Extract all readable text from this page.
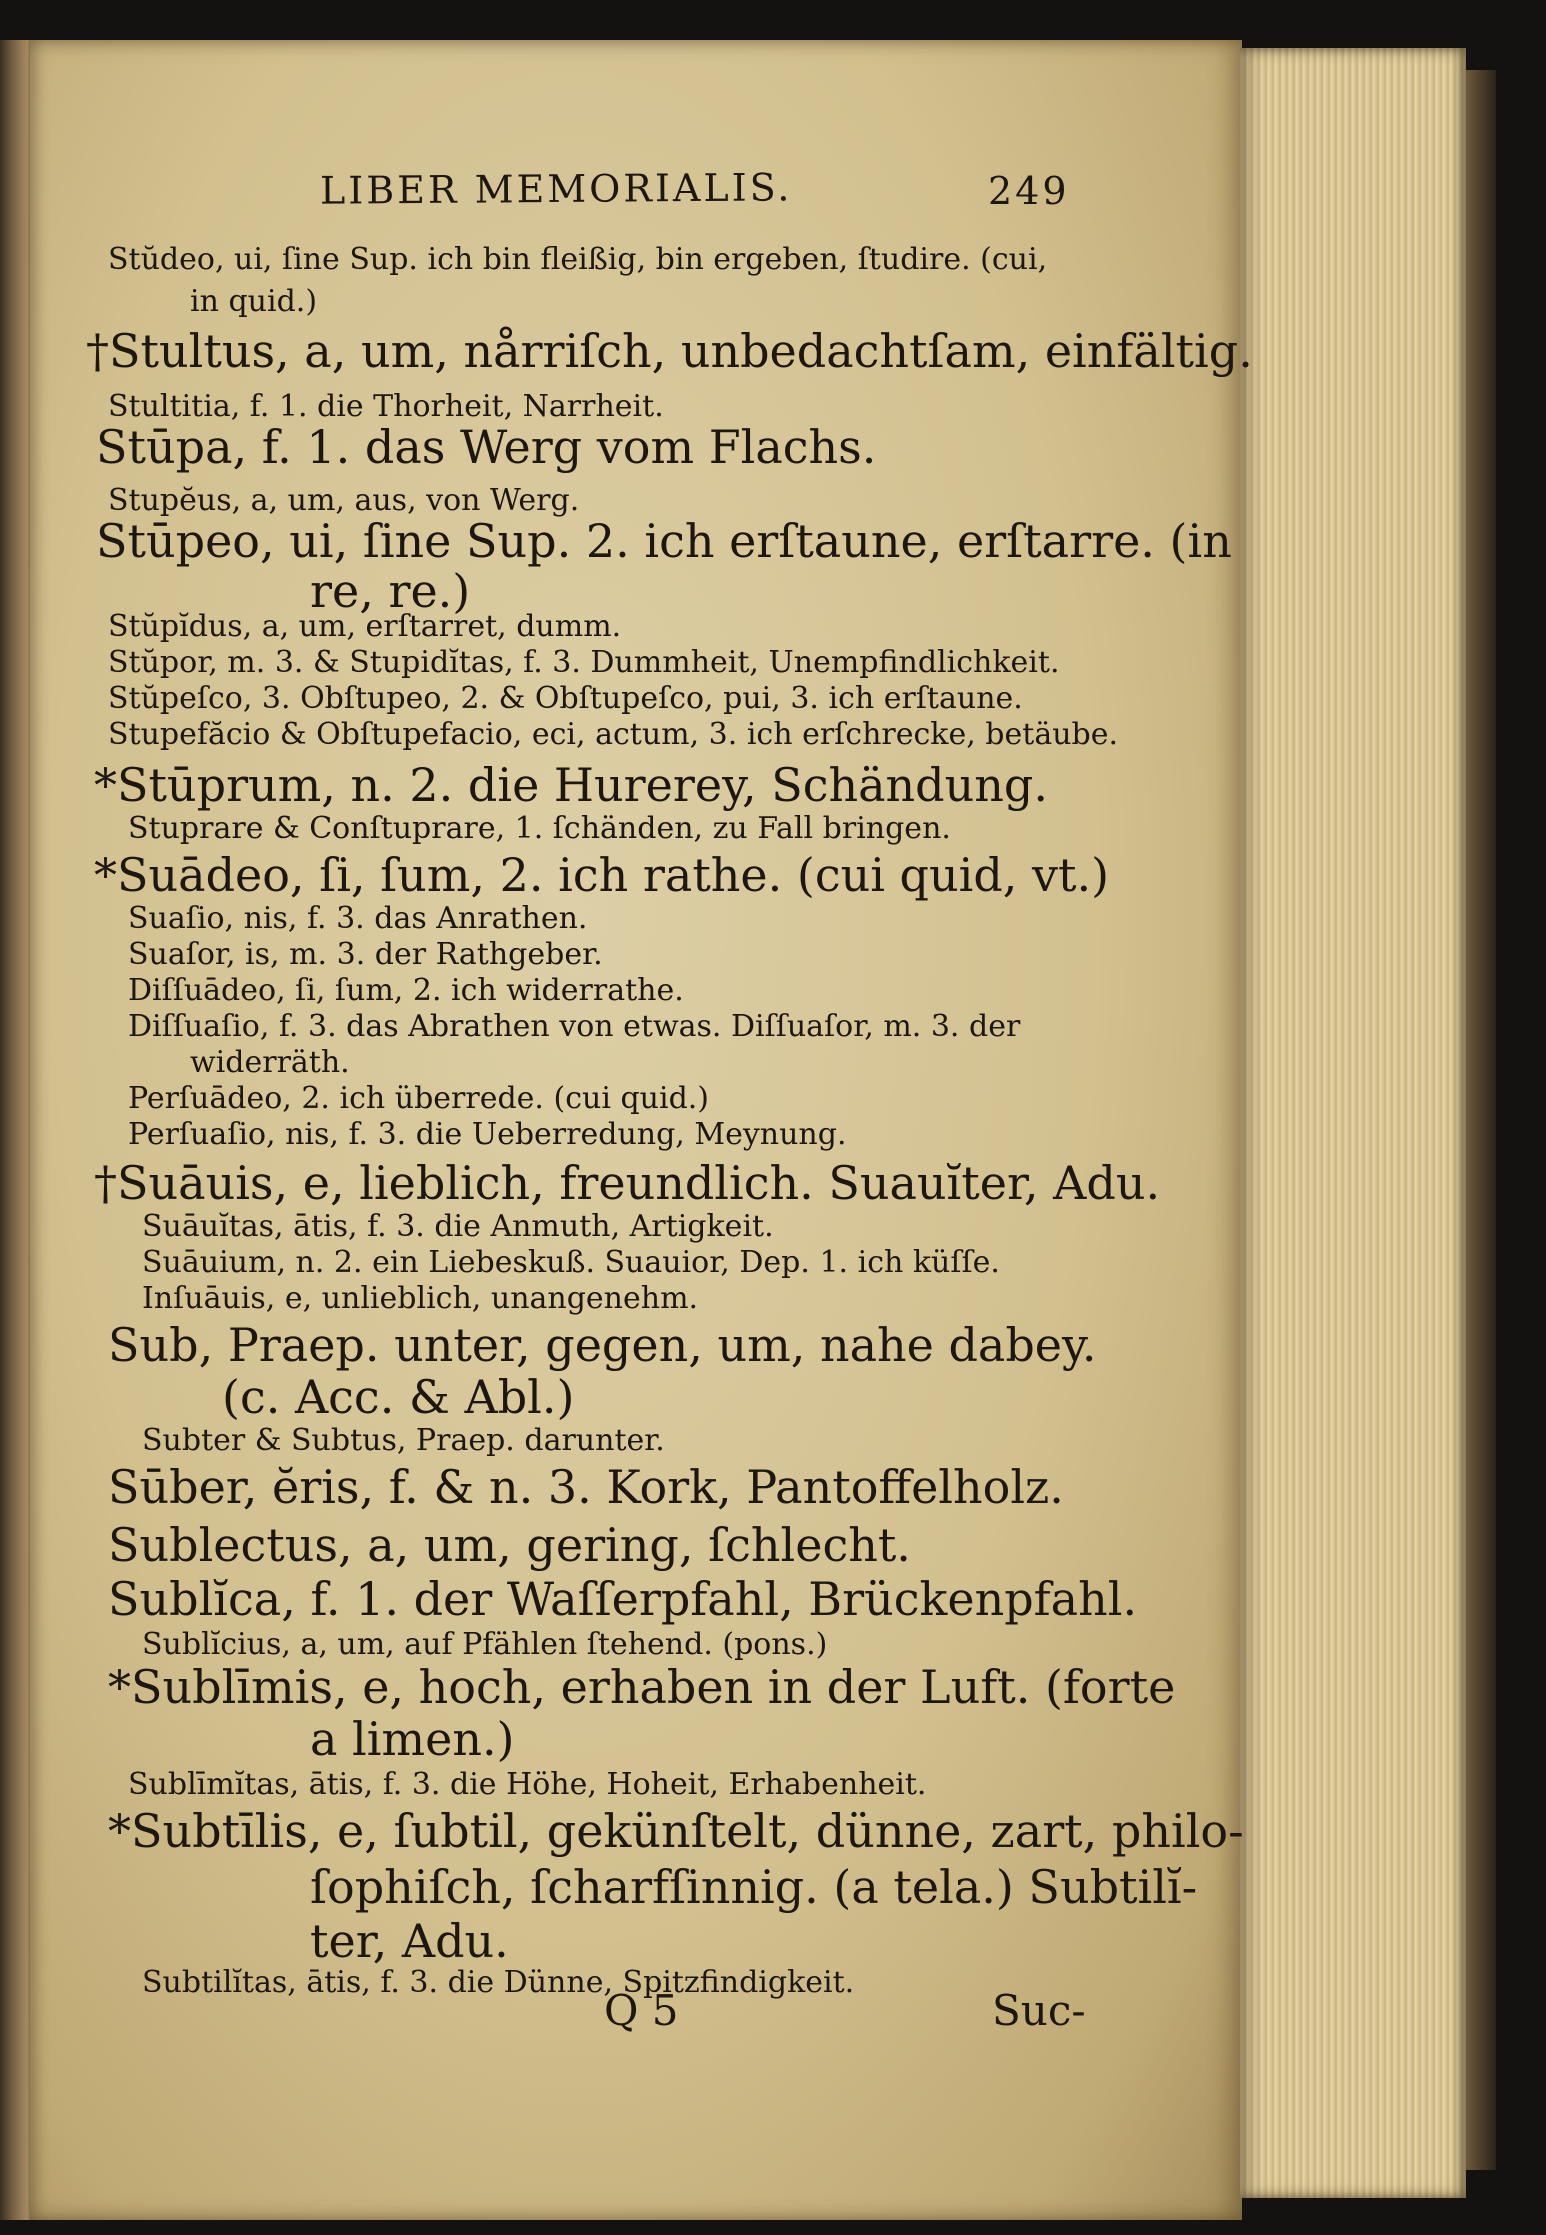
LIBER MEMORIALIS.	249
Stŭdeo, ui, ſine Sup. ich bin fleißig, bin ergeben, ſtudire. (cui,
in quid.)
†Stultus, a, um, nårriſch, unbedachtſam, einfältig.
Stultitia, f. 1. die Thorheit, Narrheit.
Stūpa, f. 1. das Werg vom Flachs.
Stupĕus, a, um, aus, von Werg.
Stūpeo, ui, ſine Sup. 2. ich erſtaune, erſtarre. (in
re, re.)
Stŭpĭdus, a, um, erſtarret, dumm.
Stŭpor, m. 3. & Stupidĭtas, f. 3. Dummheit, Unempfindlichkeit.
Stŭpeſco, 3. Obſtupeo, 2. & Obſtupeſco, pui, 3. ich erſtaune.
Stupefăcio & Obſtupefacio, eci, actum, 3. ich erſchrecke, betäube.
*Stūprum, n. 2. die Hurerey, Schändung.
Stuprare & Conſtuprare, 1. ſchänden, zu Fall bringen.
*Suādeo, ſi, ſum, 2. ich rathe. (cui quid, vt.)
Suaſio, nis, f. 3. das Anrathen.
Suaſor, is, m. 3. der Rathgeber.
Diſſuādeo, ſi, ſum, 2. ich widerrathe.
Diſſuaſio, f. 3. das Abrathen von etwas. Diſſuaſor, m. 3. der
widerräth.
Perſuādeo, 2. ich überrede. (cui quid.)
Perſuaſio, nis, f. 3. die Ueberredung, Meynung.
†Suāuis, e, lieblich, freundlich. Suauĭter, Adu.
Suāuĭtas, ātis, f. 3. die Anmuth, Artigkeit.
Suāuium, n. 2. ein Liebeskuß. Suauior, Dep. 1. ich küſſe.
Inſuāuis, e, unlieblich, unangenehm.
Sub, Praep. unter, gegen, um, nahe dabey.
(c. Acc. & Abl.)
Subter & Subtus, Praep. darunter.
Sūber, ĕris, f. & n. 3. Kork, Pantoffelholz.
Sublectus, a, um, gering, ſchlecht.
Sublĭca, f. 1. der Waſſerpfahl, Brückenpfahl.
Sublĭcius, a, um, auf Pfählen ſtehend. (pons.)
*Sublīmis, e, hoch, erhaben in der Luft. (forte
a limen.)
Sublīmĭtas, ātis, f. 3. die Höhe, Hoheit, Erhabenheit.
*Subtīlis, e, ſubtil, gekünſtelt, dünne, zart, philo-
ſophiſch, ſcharfſinnig. (a tela.) Subtilĭ-
ter, Adu.
Subtilĭtas, ātis, f. 3. die Dünne, Spitzfindigkeit.
Q 5	Suc-
